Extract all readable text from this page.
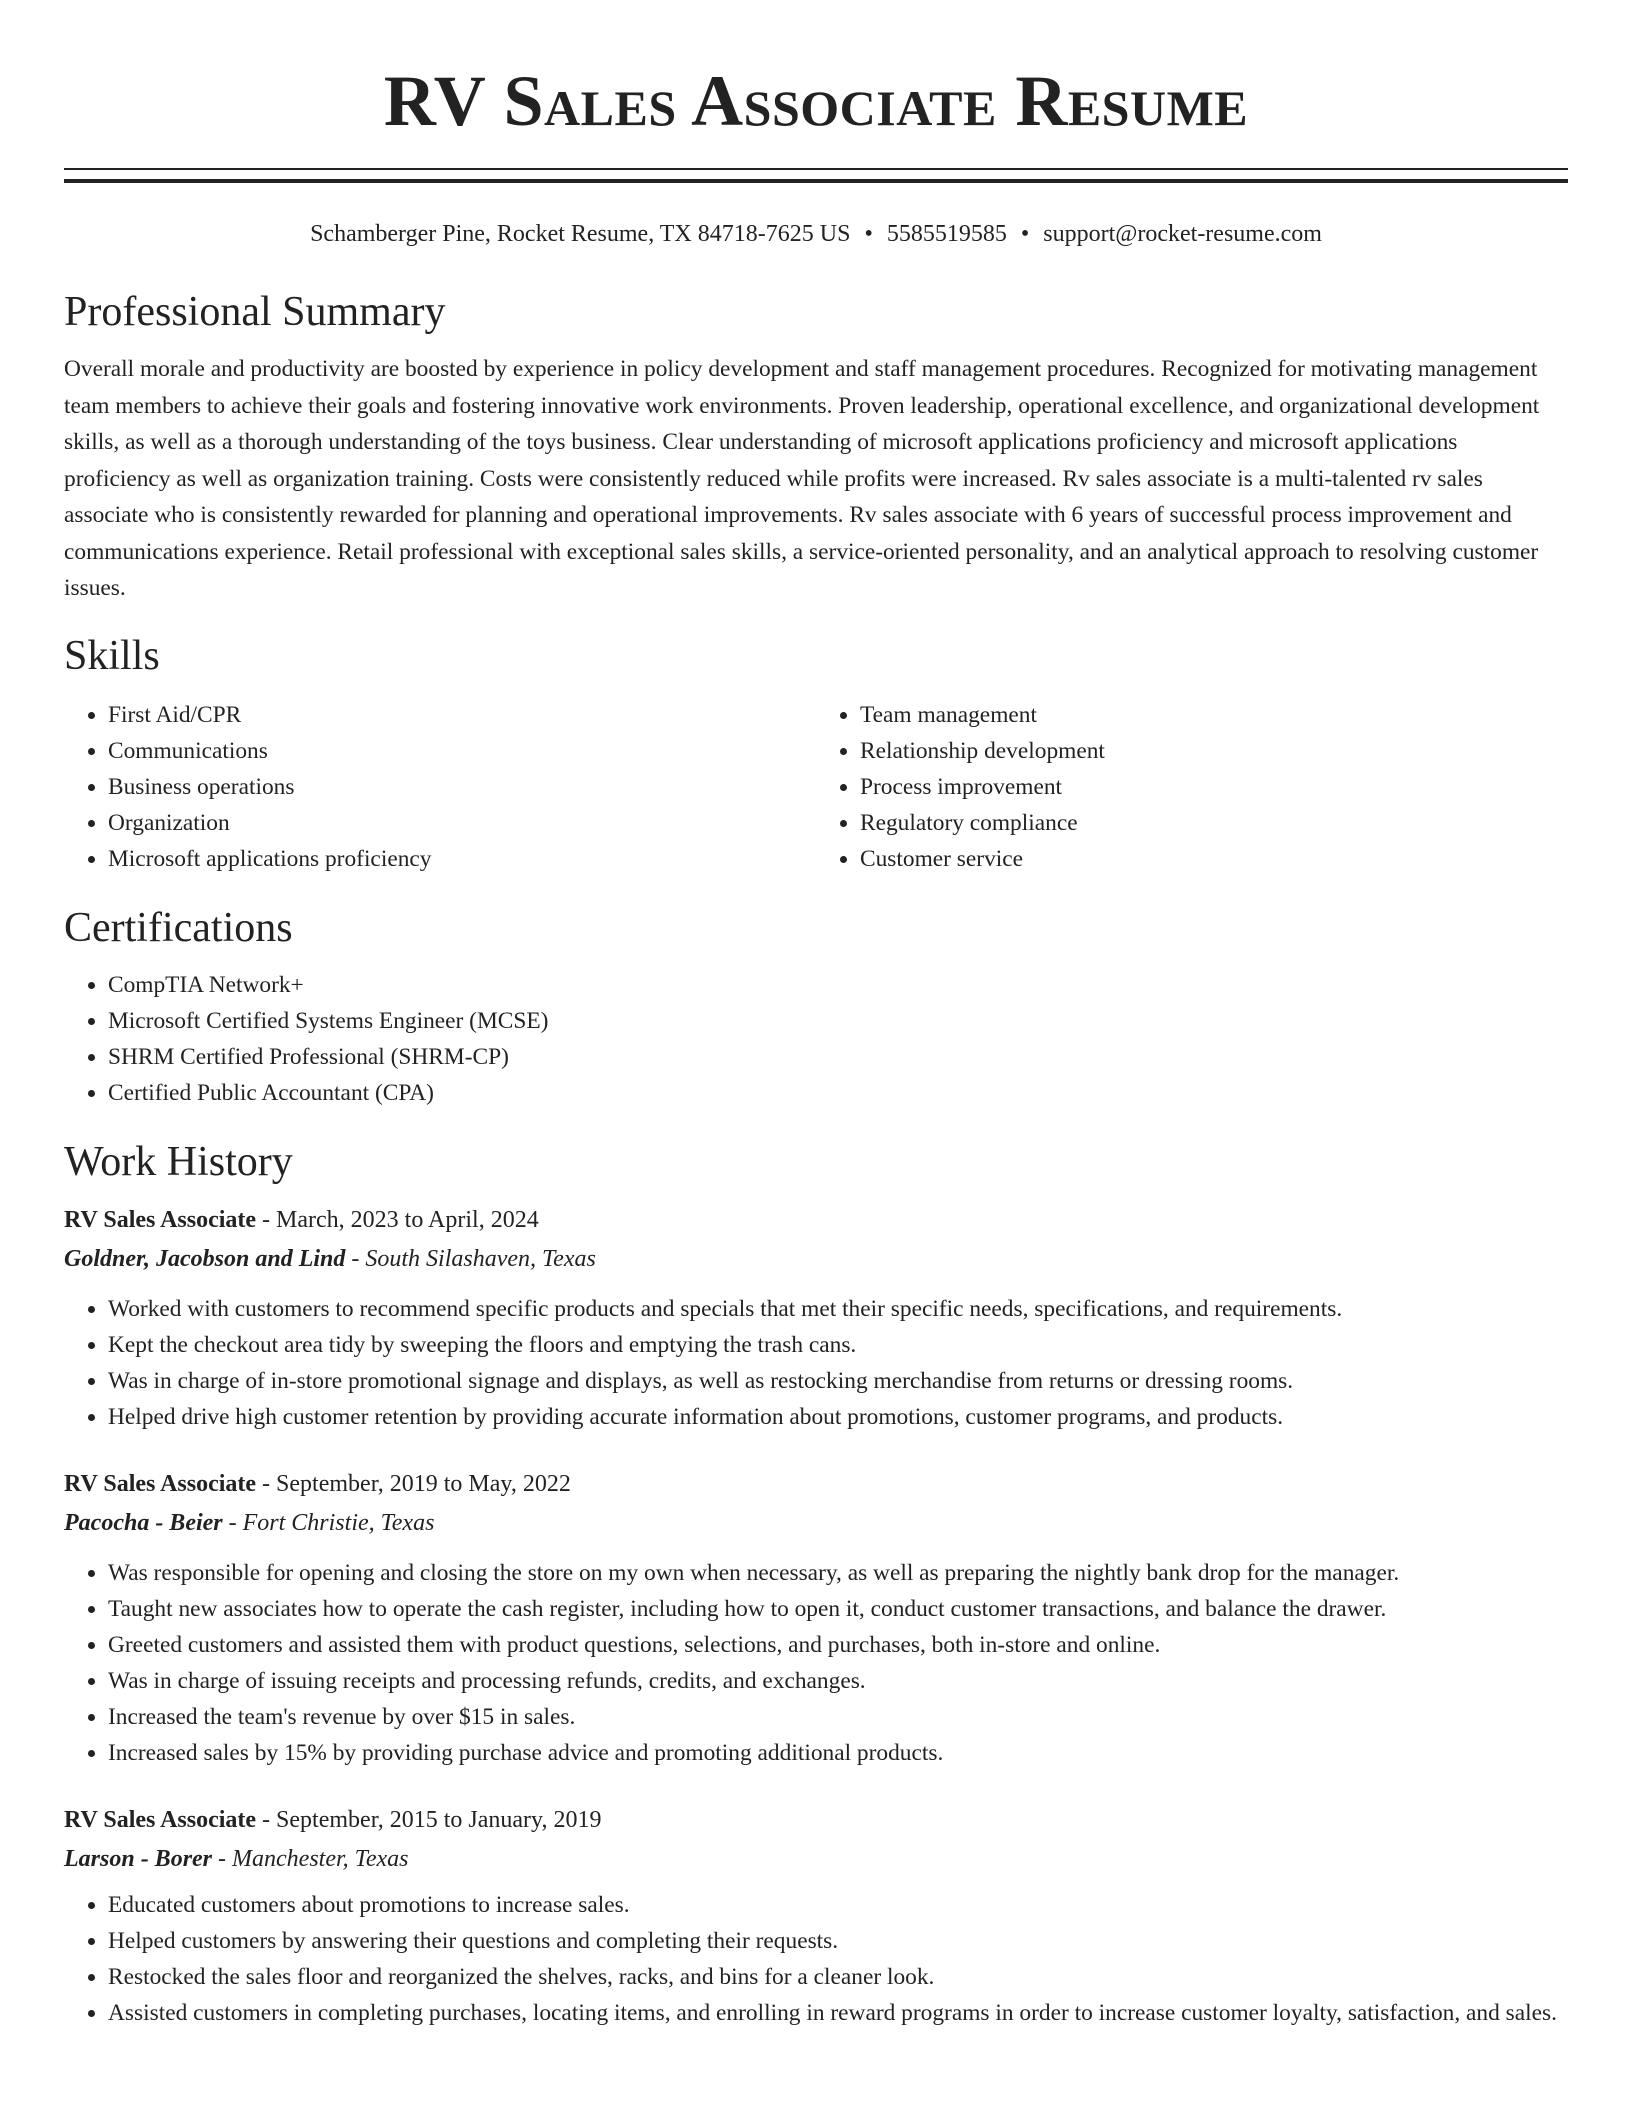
RV Sales Associate Resume
Schamberger Pine, Rocket Resume, TX 84718-7625 US • 5585519585 • support@rocket-resume.com
Professional Summary
Overall morale and productivity are boosted by experience in policy development and staff management procedures. Recognized for motivating management team members to achieve their goals and fostering innovative work environments. Proven leadership, operational excellence, and organizational development skills, as well as a thorough understanding of the toys business. Clear understanding of microsoft applications proficiency and microsoft applications proficiency as well as organization training. Costs were consistently reduced while profits were increased. Rv sales associate is a multi-talented rv sales associate who is consistently rewarded for planning and operational improvements. Rv sales associate with 6 years of successful process improvement and communications experience. Retail professional with exceptional sales skills, a service-oriented personality, and an analytical approach to resolving customer issues.
Skills
• First Aid/CPR
• Communications
• Business operations
• Organization
• Microsoft applications proficiency
• Team management
• Relationship development
• Process improvement
• Regulatory compliance
• Customer service
Certifications
• CompTIA Network+
• Microsoft Certified Systems Engineer (MCSE)
• SHRM Certified Professional (SHRM-CP)
• Certified Public Accountant (CPA)
Work History
RV Sales Associate - March, 2023 to April, 2024
Goldner, Jacobson and Lind - South Silashaven, Texas
• Worked with customers to recommend specific products and specials that met their specific needs, specifications, and requirements.
• Kept the checkout area tidy by sweeping the floors and emptying the trash cans.
• Was in charge of in-store promotional signage and displays, as well as restocking merchandise from returns or dressing rooms.
• Helped drive high customer retention by providing accurate information about promotions, customer programs, and products.
RV Sales Associate - September, 2019 to May, 2022
Pacocha - Beier - Fort Christie, Texas
• Was responsible for opening and closing the store on my own when necessary, as well as preparing the nightly bank drop for the manager.
• Taught new associates how to operate the cash register, including how to open it, conduct customer transactions, and balance the drawer.
• Greeted customers and assisted them with product questions, selections, and purchases, both in-store and online.
• Was in charge of issuing receipts and processing refunds, credits, and exchanges.
• Increased the team's revenue by over $15 in sales.
• Increased sales by 15% by providing purchase advice and promoting additional products.
RV Sales Associate - September, 2015 to January, 2019
Larson - Borer - Manchester, Texas
• Educated customers about promotions to increase sales.
• Helped customers by answering their questions and completing their requests.
• Restocked the sales floor and reorganized the shelves, racks, and bins for a cleaner look.
• Assisted customers in completing purchases, locating items, and enrolling in reward programs in order to increase customer loyalty, satisfaction, and sales.
